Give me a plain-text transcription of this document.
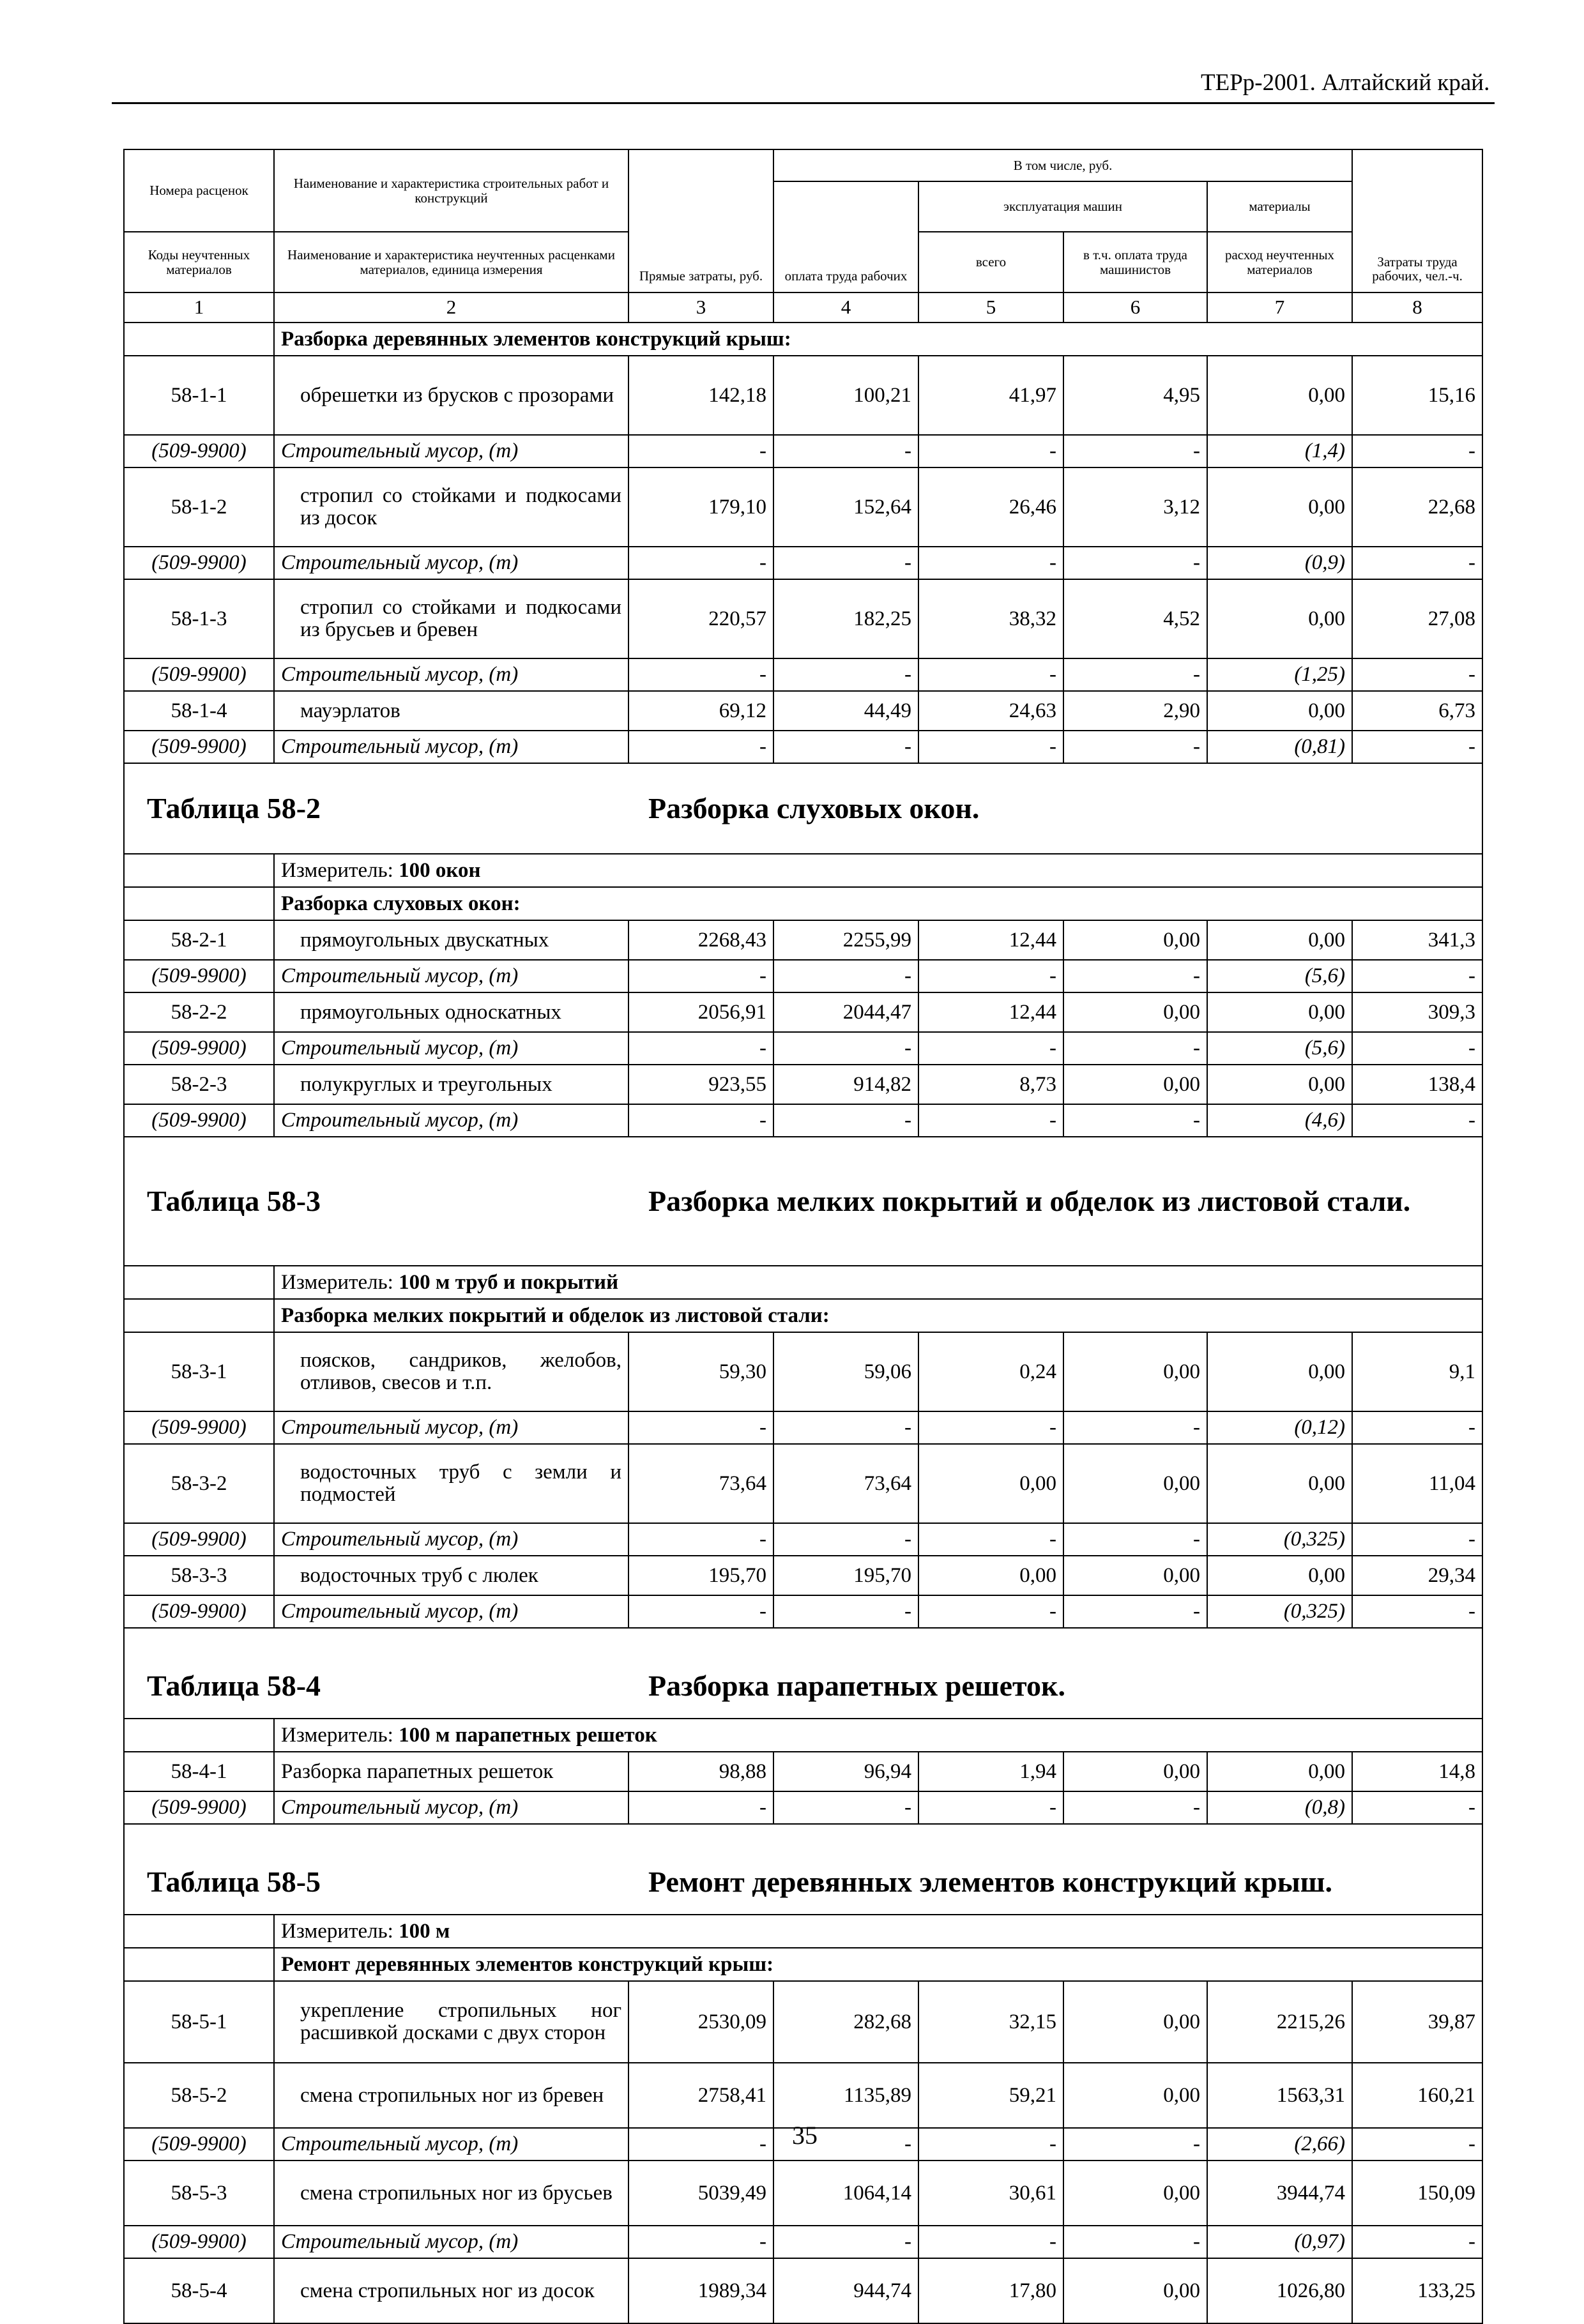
ТЕРр-2001. Алтайский край.
Номера расценок	Наименование и характеристика строительных работ и конструкций	Прямые затраты, руб.	В том числе, руб.				Затраты труда рабочих, чел.-ч.
			оплата труда рабочих	эксплуатация машин		материалы	
Коды неучтенных материалов	Наименование и характеристика неучтенных расценками материалов, единица измерения			всего	в т.ч. оплата труда машинистов	расход неучтенных материалов	
1	2	3	4	5	6	7	8
	Разборка деревянных элементов конструкций крыш:						
58-1-1	обрешетки из брусков с прозорами	142,18	100,21	41,97	4,95	0,00	15,16
(509-9900)	Строительный мусор, (т)	-	-	-	-	(1,4)	-
58-1-2	стропил со стойками и подкосами из досок	179,10	152,64	26,46	3,12	0,00	22,68
(509-9900)	Строительный мусор, (т)	-	-	-	-	(0,9)	-
58-1-3	стропил со стойками и подкосами из брусьев и бревен	220,57	182,25	38,32	4,52	0,00	27,08
(509-9900)	Строительный мусор, (т)	-	-	-	-	(1,25)	-
58-1-4	мауэрлатов	69,12	44,49	24,63	2,90	0,00	6,73
(509-9900)	Строительный мусор, (т)	-	-	-	-	(0,81)	-

Таблица 58-2 Разборка слуховых окон.							

	Измеритель: 100 окон						
	Разборка слуховых окон:						
58-2-1	прямоугольных двускатных	2268,43	2255,99	12,44	0,00	0,00	341,3
(509-9900)	Строительный мусор, (т)	-	-	-	-	(5,6)	-
58-2-2	прямоугольных односкатных	2056,91	2044,47	12,44	0,00	0,00	309,3
(509-9900)	Строительный мусор, (т)	-	-	-	-	(5,6)	-
58-2-3	полукруглых и треугольных	923,55	914,82	8,73	0,00	0,00	138,4
(509-9900)	Строительный мусор, (т)	-	-	-	-	(4,6)	-

Таблица 58-3 Разборка мелких покрытий и обделок из листовой стали.							

	Измеритель: 100 м труб и покрытий						
	Разборка мелких покрытий и обделок из листовой стали:						
58-3-1	поясков, сандриков, желобов, отливов, свесов и т.п.	59,30	59,06	0,24	0,00	0,00	9,1
(509-9900)	Строительный мусор, (т)	-	-	-	-	(0,12)	-
58-3-2	водосточных труб с земли и подмостей	73,64	73,64	0,00	0,00	0,00	11,04
(509-9900)	Строительный мусор, (т)	-	-	-	-	(0,325)	-
58-3-3	водосточных труб с люлек	195,70	195,70	0,00	0,00	0,00	29,34
(509-9900)	Строительный мусор, (т)	-	-	-	-	(0,325)	-

Таблица 58-4 Разборка парапетных решеток.							

	Измеритель: 100 м парапетных решеток						
58-4-1	Разборка парапетных решеток	98,88	96,94	1,94	0,00	0,00	14,8
(509-9900)	Строительный мусор, (т)	-	-	-	-	(0,8)	-

Таблица 58-5 Ремонт деревянных элементов конструкций крыш.							

	Измеритель: 100 м						
	Ремонт деревянных элементов конструкций крыш:						
58-5-1	укрепление стропильных ног расшивкой досками с двух сторон	2530,09	282,68	32,15	0,00	2215,26	39,87
58-5-2	смена стропильных ног из бревен	2758,41	1135,89	59,21	0,00	1563,31	160,21
(509-9900)	Строительный мусор, (т)	-	-	-	-	(2,66)	-
58-5-3	смена стропильных ног из брусьев	5039,49	1064,14	30,61	0,00	3944,74	150,09
(509-9900)	Строительный мусор, (т)	-	-	-	-	(0,97)	-
58-5-4	смена стропильных ног из досок	1989,34	944,74	17,80	0,00	1026,80	133,25
35
